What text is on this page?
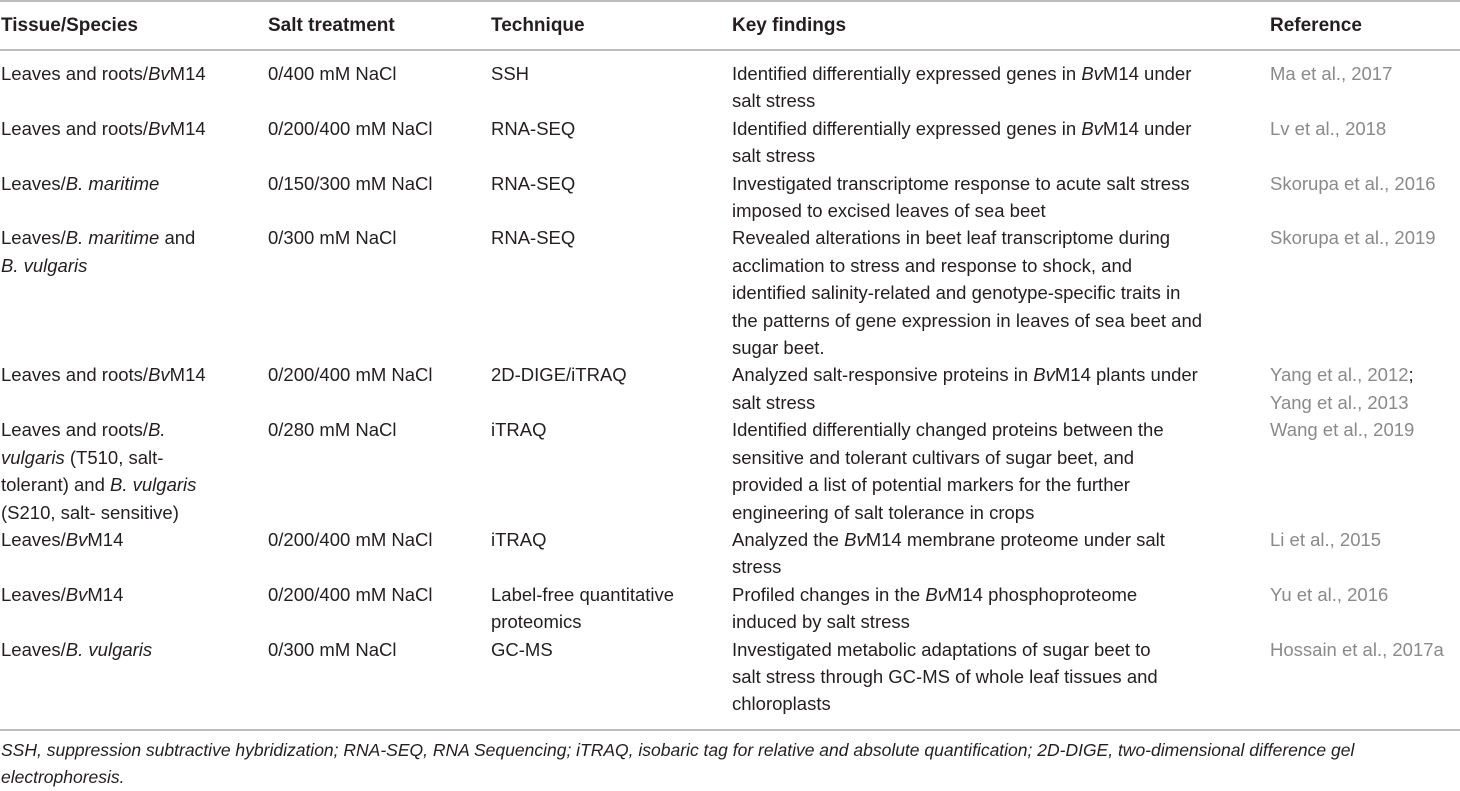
Tissue/Species	Salt treatment	Technique	Key findings	Reference

Leaves and roots/BvM14	0/400 mM NaCl	SSH	Identified differentially expressed genes in BvM14 under
salt stress	Ma et al., 2017

Leaves and roots/BvM14	0/200/400 mM NaCl	RNA-SEQ	Identified differentially expressed genes in BvM14 under
salt stress	Lv et al., 2018

Leaves/B. maritime	0/150/300 mM NaCl	RNA-SEQ	Investigated transcriptome response to acute salt stress
imposed to excised leaves of sea beet	Skorupa et al., 2016

Leaves/B. maritime and
B. vulgaris	0/300 mM NaCl	RNA-SEQ	Revealed alterations in beet leaf transcriptome during
acclimation to stress and response to shock, and
identified salinity-related and genotype-specific traits in
the patterns of gene expression in leaves of sea beet and
sugar beet.	Skorupa et al., 2019

Leaves and roots/BvM14	0/200/400 mM NaCl	2D-DIGE/iTRAQ	Analyzed salt-responsive proteins in BvM14 plants under
salt stress	Yang et al., 2012;
Yang et al., 2013

Leaves and roots/B.
vulgaris (T510, salt-
tolerant) and B. vulgaris
(S210, salt- sensitive)	0/280 mM NaCl	iTRAQ	Identified differentially changed proteins between the
sensitive and tolerant cultivars of sugar beet, and
provided a list of potential markers for the further
engineering of salt tolerance in crops	Wang et al., 2019

Leaves/BvM14	0/200/400 mM NaCl	iTRAQ	Analyzed the BvM14 membrane proteome under salt
stress	Li et al., 2015

Leaves/BvM14	0/200/400 mM NaCl	Label-free quantitative
proteomics	Profiled changes in the BvM14 phosphoproteome
induced by salt stress	Yu et al., 2016

Leaves/B. vulgaris	0/300 mM NaCl	GC-MS	Investigated metabolic adaptations of sugar beet to
salt stress through GC-MS of whole leaf tissues and
chloroplasts	Hossain et al., 2017a
SSH, suppression subtractive hybridization; RNA-SEQ, RNA Sequencing; iTRAQ, isobaric tag for relative and absolute quantification; 2D-DIGE, two-dimensional difference gel electrophoresis.
